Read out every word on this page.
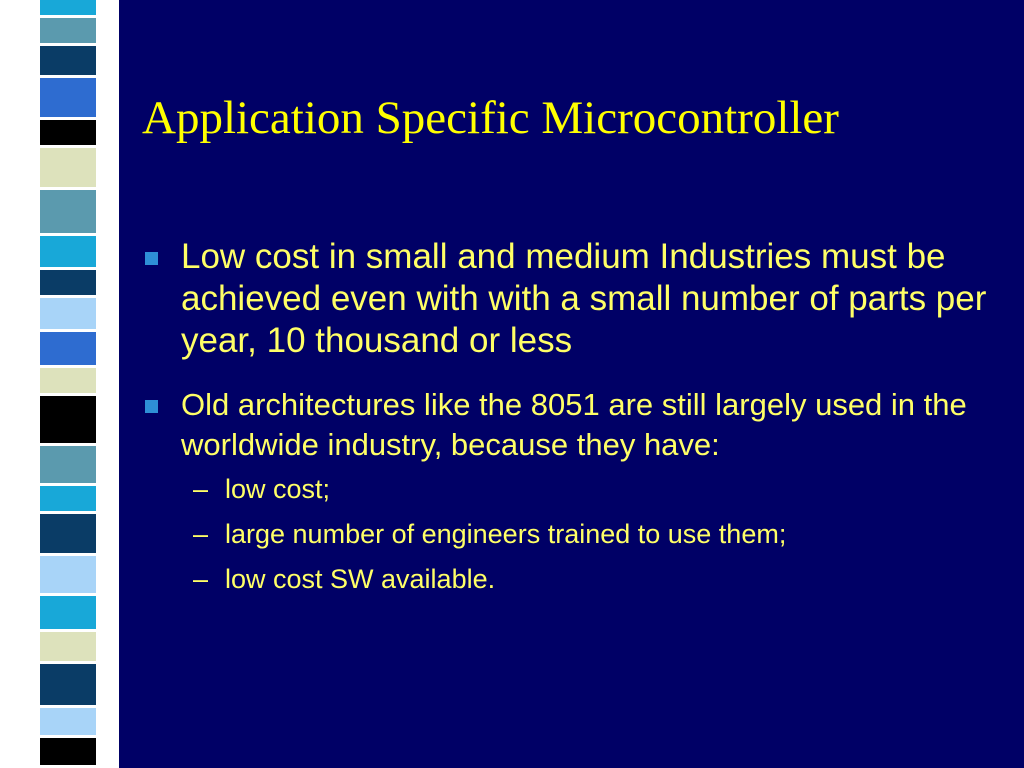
Application Specific Microcontroller
Low cost in small and medium Industries must be achieved even with with a small number of parts per year, 10 thousand or less
Old architectures like the 8051 are still largely used in the worldwide industry, because they have:
– low cost;
– large number of engineers trained to use them;
– low cost SW available.
